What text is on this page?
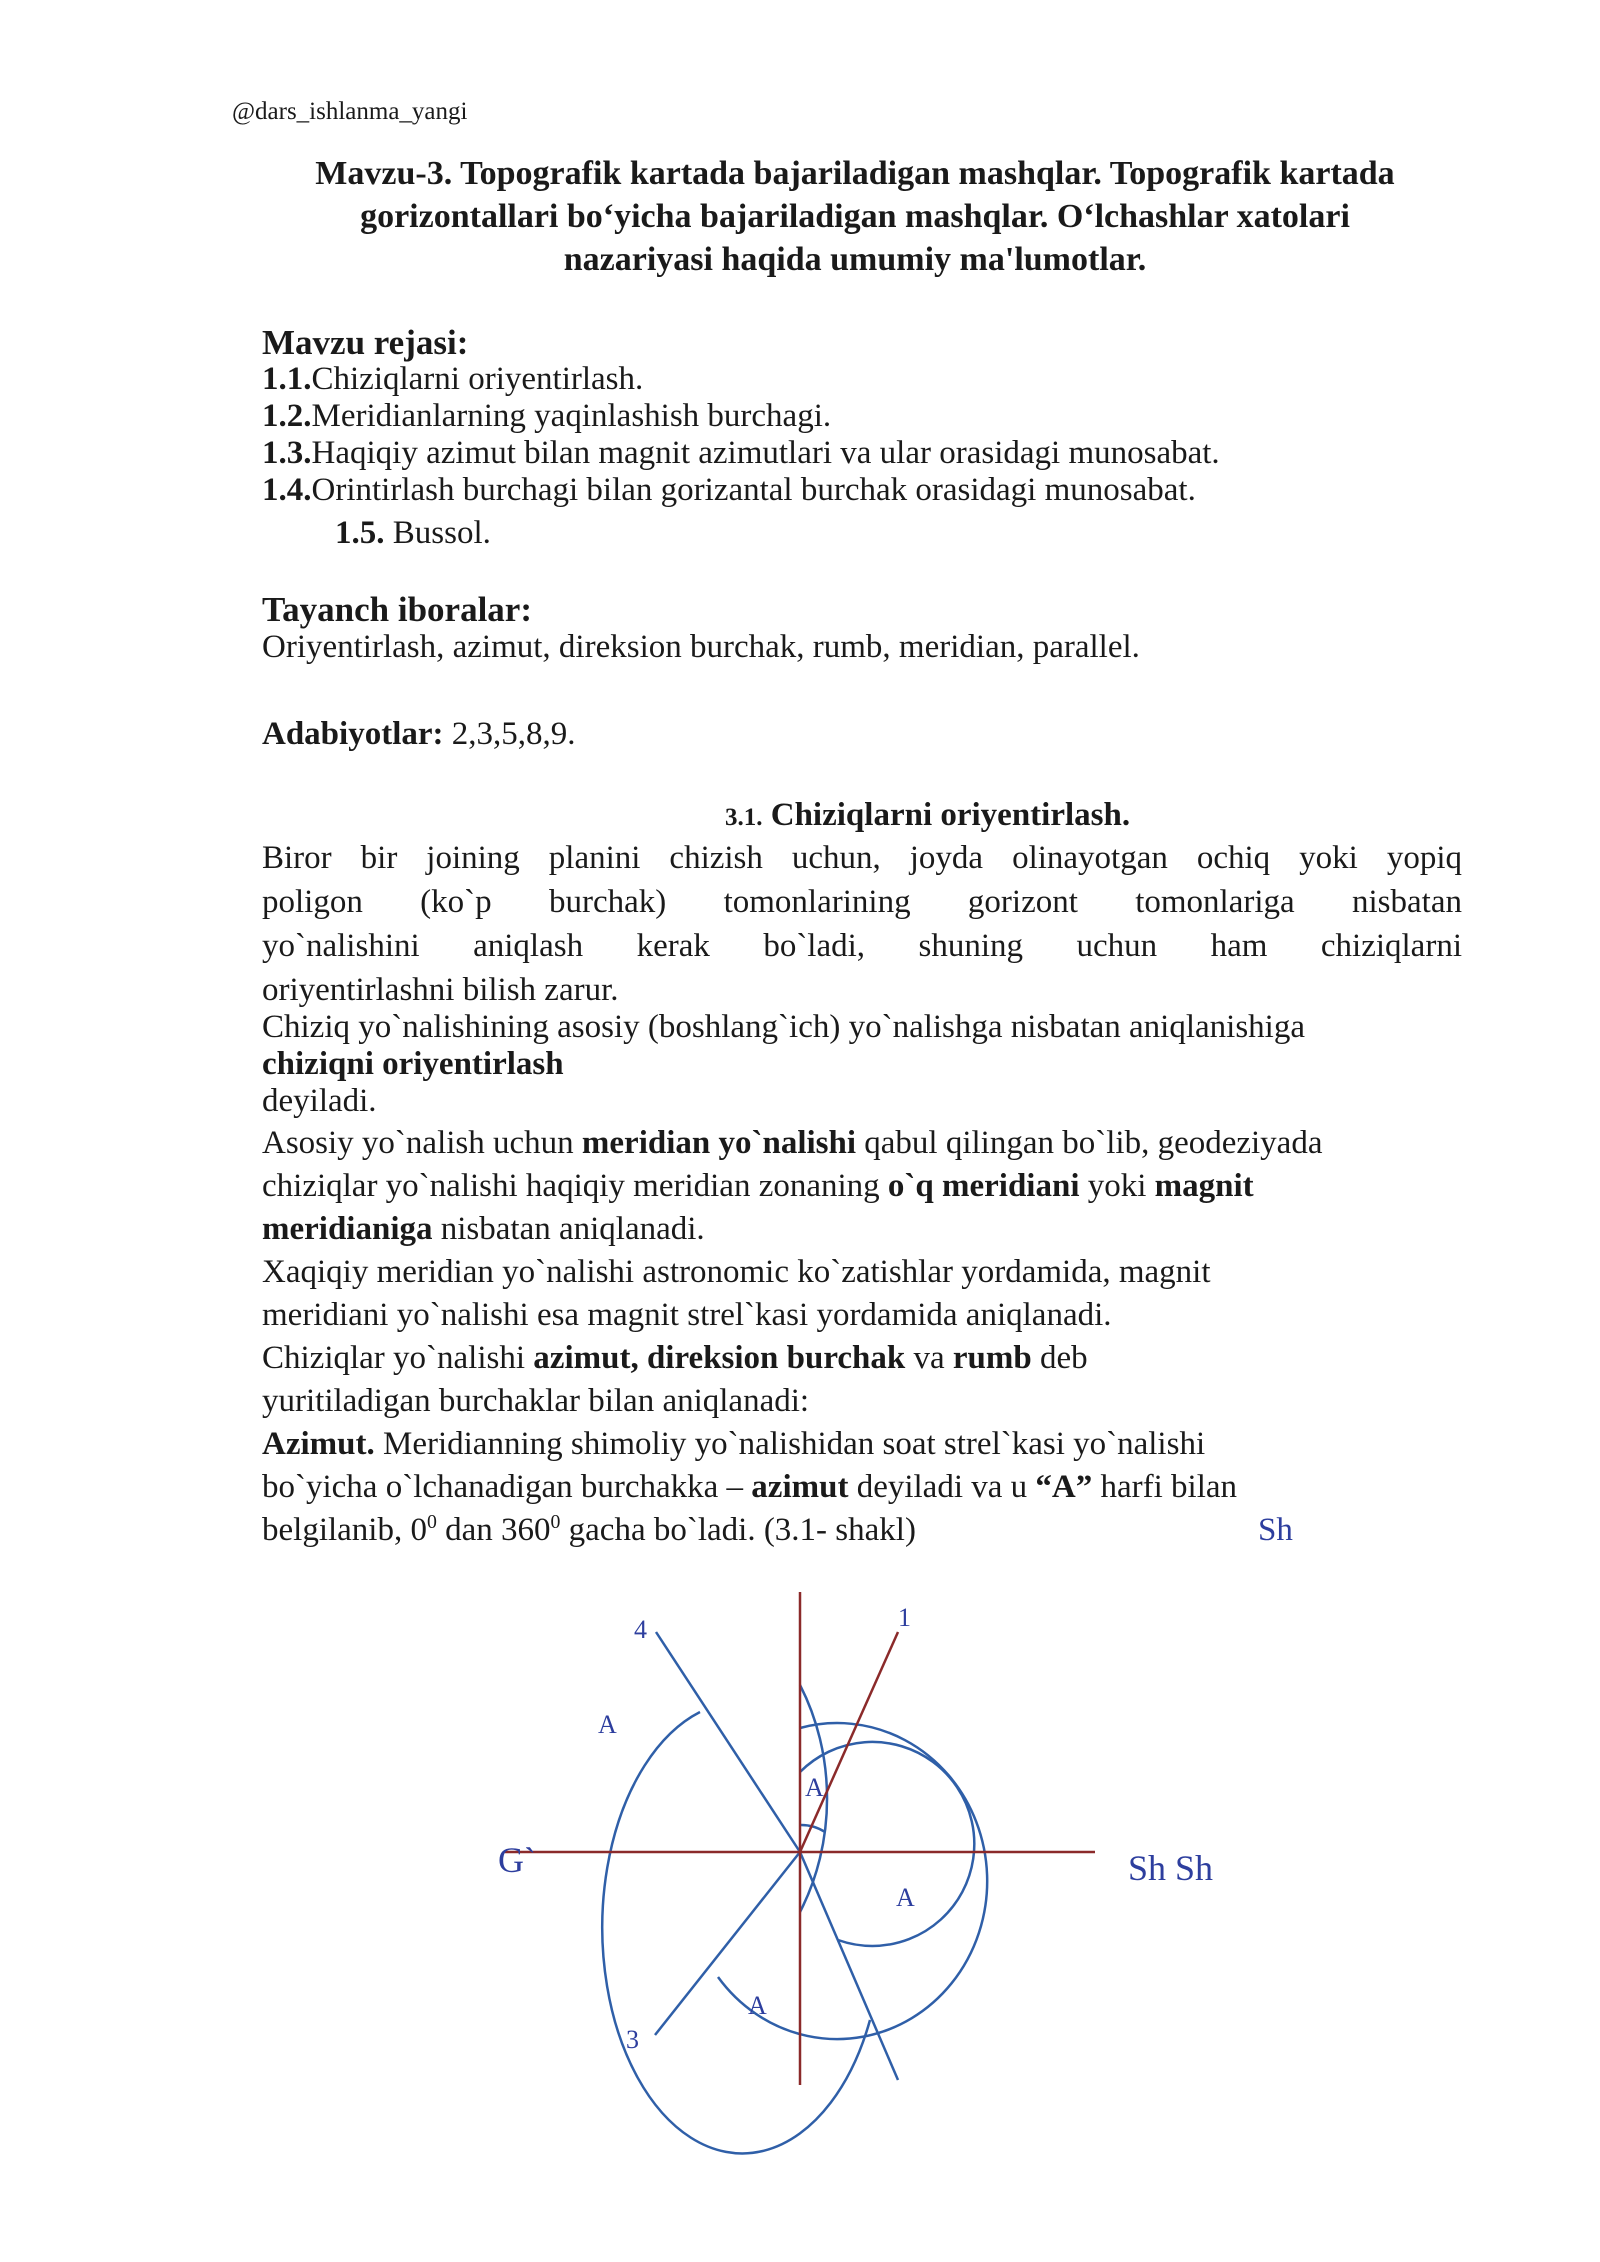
@dars_ishlanma_yangi
Mavzu-3. Topografik kartada bajariladigan mashqlar. Topografik kartada
gorizontallari bo‘yicha bajariladigan mashqlar. O‘lchashlar xatolari
nazariyasi haqida umumiy ma'lumotlar.
Mavzu rejasi:
1.1.Chiziqlarni oriyentirlash.
1.2.Meridianlarning yaqinlashish burchagi.
1.3.Haqiqiy azimut bilan magnit azimutlari va ular orasidagi munosabat.
1.4.Orintirlash burchagi bilan gorizantal burchak orasidagi munosabat.
1.5. Bussol.
Tayanch iboralar:
Oriyentirlash, azimut, direksion burchak, rumb, meridian, parallel.
Adabiyotlar: 2,3,5,8,9.
3.1. Chiziqlarni oriyentirlash.
Biror bir joining planini chizish uchun, joyda olinayotgan ochiq yoki yopiq
poligon (ko`p burchak) tomonlarining gorizont tomonlariga nisbatan
yo`nalishini aniqlash kerak bo`ladi, shuning uchun ham chiziqlarni
oriyentirlashni bilish zarur.
Chiziq yo`nalishining asosiy (boshlang`ich) yo`nalishga nisbatan aniqlanishiga
chiziqni oriyentirlash
deyiladi.
Asosiy yo`nalish uchun meridian yo`nalishi qabul qilingan bo`lib, geodeziyada
chiziqlar yo`nalishi haqiqiy meridian zonaning o`q meridiani yoki magnit
meridianiga nisbatan aniqlanadi.
Xaqiqiy meridian yo`nalishi astronomic ko`zatishlar yordamida, magnit
meridiani yo`nalishi esa magnit strel`kasi yordamida aniqlanadi.
Chiziqlar yo`nalishi azimut, direksion burchak va rumb deb
yuritiladigan burchaklar bilan aniqlanadi:
Azimut. Meridianning shimoliy yo`nalishidan soat strel`kasi yo`nalishi
bo`yicha o`lchanadigan burchakka – azimut deyiladi va u “A” harfi bilan
belgilanib, $0^0$ dan $360^0$ gacha bo`ladi. (3.1- shakl)	Sh
1
4
3
A
A
A
A
G`	Sh Sh
